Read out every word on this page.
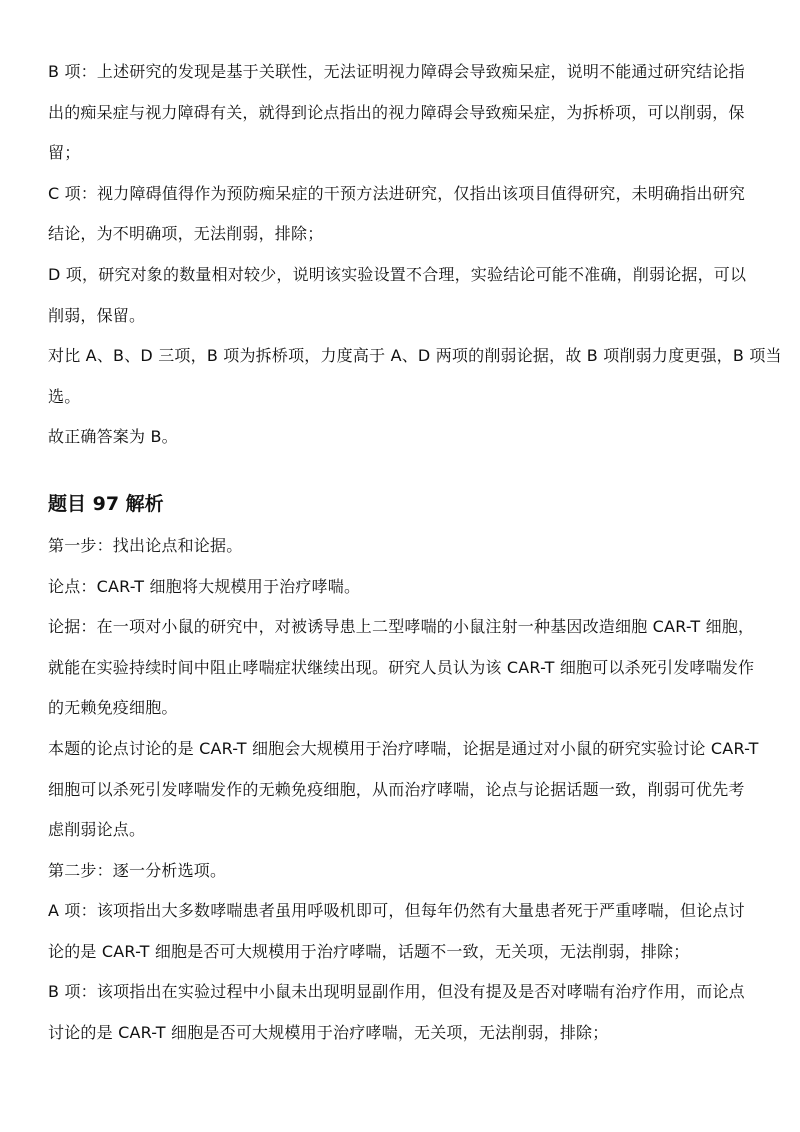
B 项：上述研究的发现是基于关联性，无法证明视力障碍会导致痴呆症，说明不能通过研究结论指
出的痴呆症与视力障碍有关，就得到论点指出的视力障碍会导致痴呆症，为拆桥项，可以削弱，保
留；

C 项：视力障碍值得作为预防痴呆症的干预方法进研究，仅指出该项目值得研究，未明确指出研究
结论，为不明确项，无法削弱，排除；

D 项，研究对象的数量相对较少，说明该实验设置不合理，实验结论可能不准确，削弱论据，可以
削弱，保留。

对比 A、B、D 三项，B 项为拆桥项，力度高于 A、D 两项的削弱论据，故 B 项削弱力度更强，B 项当
选。

故正确答案为 B。

题目 97 解析

第一步：找出论点和论据。

论点：CAR-T 细胞将大规模用于治疗哮喘。

论据：在一项对小鼠的研究中，对被诱导患上二型哮喘的小鼠注射一种基因改造细胞 CAR-T 细胞，
就能在实验持续时间中阻止哮喘症状继续出现。研究人员认为该 CAR-T 细胞可以杀死引发哮喘发作
的无赖免疫细胞。

本题的论点讨论的是 CAR-T 细胞会大规模用于治疗哮喘，论据是通过对小鼠的研究实验讨论 CAR-T
细胞可以杀死引发哮喘发作的无赖免疫细胞，从而治疗哮喘，论点与论据话题一致，削弱可优先考
虑削弱论点。

第二步：逐一分析选项。

A 项：该项指出大多数哮喘患者虽用呼吸机即可，但每年仍然有大量患者死于严重哮喘，但论点讨
论的是 CAR-T 细胞是否可大规模用于治疗哮喘，话题不一致，无关项，无法削弱，排除；

B 项：该项指出在实验过程中小鼠未出现明显副作用，但没有提及是否对哮喘有治疗作用，而论点
讨论的是 CAR-T 细胞是否可大规模用于治疗哮喘，无关项，无法削弱，排除；
